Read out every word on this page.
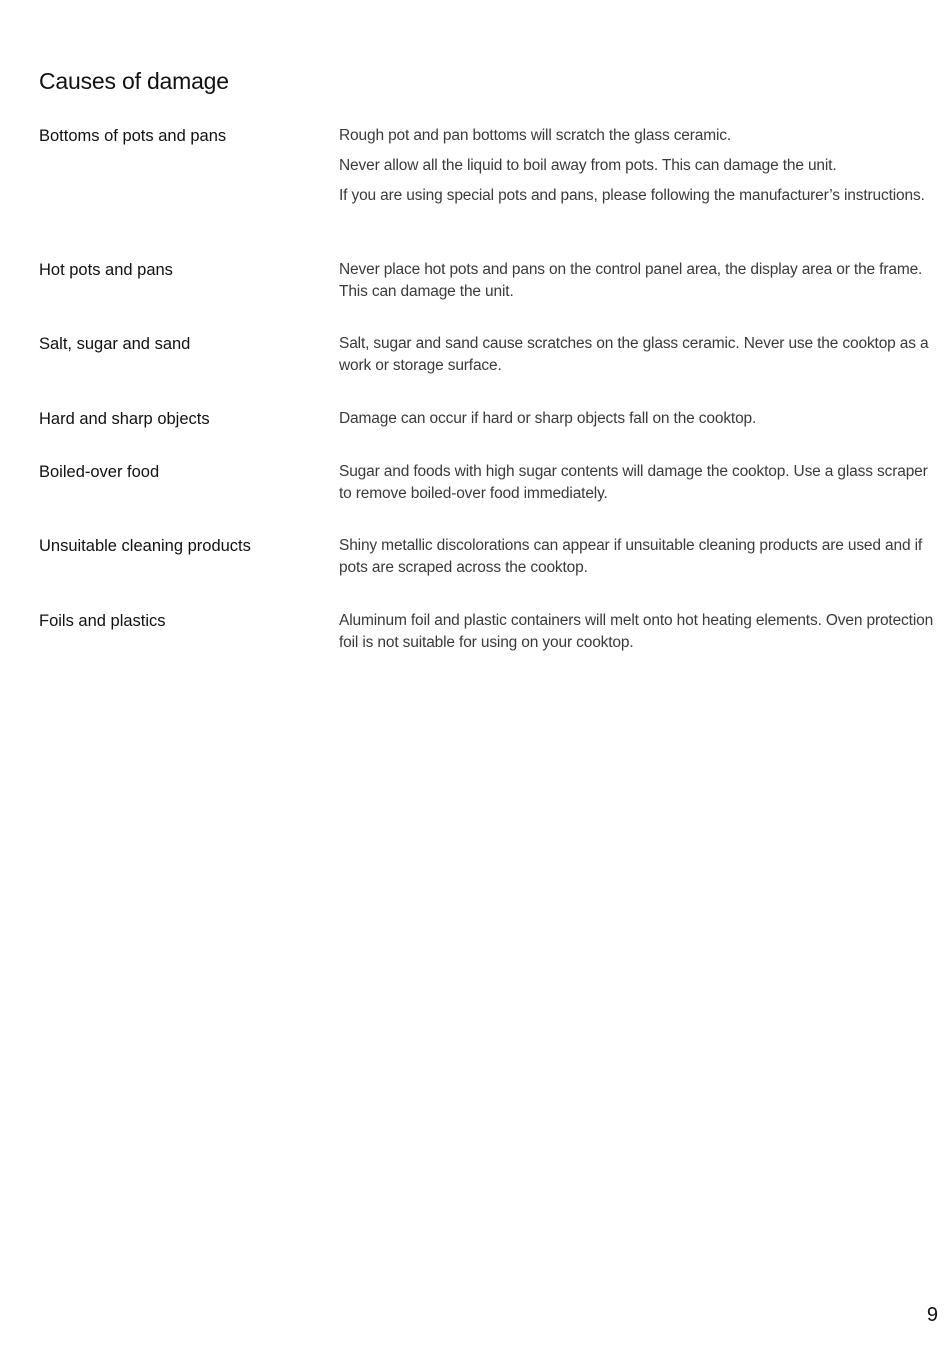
Causes of damage
Bottoms of pots and pans	Rough pot and pan bottoms will scratch the glass ceramic.

Never allow all the liquid to boil away from pots. This can damage the unit.

If you are using special pots and pans, please following the manufacturer’s instructions.

Hot pots and pans	Never place hot pots and pans on the control panel area, the display area or the frame. This can damage the unit.

Salt, sugar and sand	Salt, sugar and sand cause scratches on the glass ceramic. Never use the cooktop as a work or storage surface.

Hard and sharp objects	Damage can occur if hard or sharp objects fall on the cooktop.

Boiled-over food	Sugar and foods with high sugar contents will damage the cooktop. Use a glass scraper to remove boiled-over food immediately.

Unsuitable cleaning products	Shiny metallic discolorations can appear if unsuitable cleaning products are used and if pots are scraped across the cooktop.

Foils and plastics	Aluminum foil and plastic containers will melt onto hot heating elements. Oven protection foil is not suitable for using on your cooktop.

9
